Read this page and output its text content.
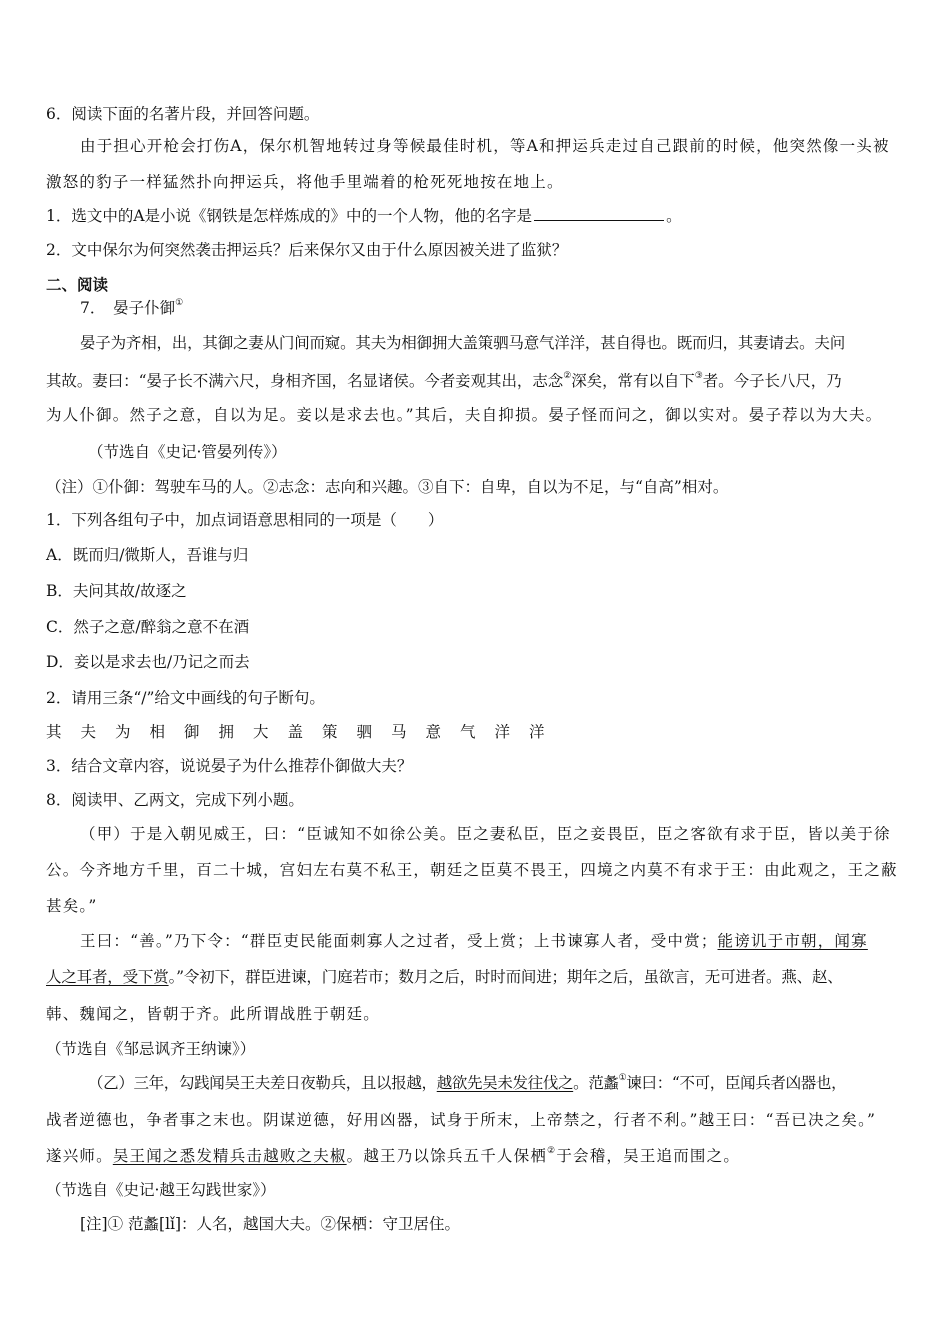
6．阅读下面的名著片段，并回答问题。
由于担心开枪会打伤A，保尔机智地转过身等候最佳时机，等A和押运兵走过自己跟前的时候，他突然像一头被
激怒的豹子一样猛然扑向押运兵，将他手里端着的枪死死地按在地上。
1．选文中的A是小说《钢铁是怎样炼成的》中的一个人物，他的名字是	。
2．文中保尔为何突然袭击押运兵？后来保尔又由于什么原因被关进了监狱？
二、阅读
7．　晏子仆御①
晏子为齐相，出，其御之妻从门间而窥。其夫为相御拥大盖策驷马意气洋洋，甚自得也。既而归，其妻请去。夫问
其故。妻曰：“晏子长不满六尺，身相齐国，名显诸侯。今者妾观其出，志念②深矣，常有以自下③者。今子长八尺，乃
为人仆御。然子之意，自以为足。妾以是求去也。”其后，夫自抑损。晏子怪而问之，御以实对。晏子荐以为大夫。
（节选自《史记·管晏列传》）
（注）①仆御：驾驶车马的人。②志念：志向和兴趣。③自下：自卑，自以为不足，与“自高”相对。
1．下列各组句子中，加点词语意思相同的一项是（　　）
A．既而归/微斯人，吾谁与归
B．夫问其故/故逐之
C．然子之意/醉翁之意不在酒
D．妾以是求去也/乃记之而去
2．请用三条“/”给文中画线的句子断句。
其 夫 为 相 御 拥 大 盖 策 驷 马 意 气 洋 洋
3．结合文章内容，说说晏子为什么推荐仆御做大夫？
8．阅读甲、乙两文，完成下列小题。
（甲）于是入朝见威王，曰：“臣诚知不如徐公美。臣之妻私臣，臣之妾畏臣，臣之客欲有求于臣，皆以美于徐
公。今齐地方千里，百二十城，宫妇左右莫不私王，朝廷之臣莫不畏王，四境之内莫不有求于王：由此观之，王之蔽
甚矣。”
王曰：“善。”乃下令：“群臣吏民能面刺寡人之过者，受上赏；上书谏寡人者，受中赏；能谤讥于市朝，闻寡
人之耳者，受下赏。”令初下，群臣进谏，门庭若市；数月之后，时时而间进；期年之后，虽欲言，无可进者。燕、赵、
韩、魏闻之，皆朝于齐。此所谓战胜于朝廷。
（节选自《邹忌讽齐王纳谏》）
（乙）三年，勾践闻吴王夫差日夜勒兵，且以报越，越欲先吴未发往伐之。范蠡①谏曰：“不可，臣闻兵者凶器也，
战者逆德也，争者事之末也。阴谋逆德，好用凶器，试身于所末，上帝禁之，行者不利。”越王曰：“吾已决之矣。”
遂兴师。吴王闻之悉发精兵击越败之夫椒。越王乃以馀兵五千人保栖②于会稽，吴王追而围之。
（节选自《史记·越王勾践世家》）
[注]① 范蠡[lǐ]：人名，越国大夫。②保栖：守卫居住。
